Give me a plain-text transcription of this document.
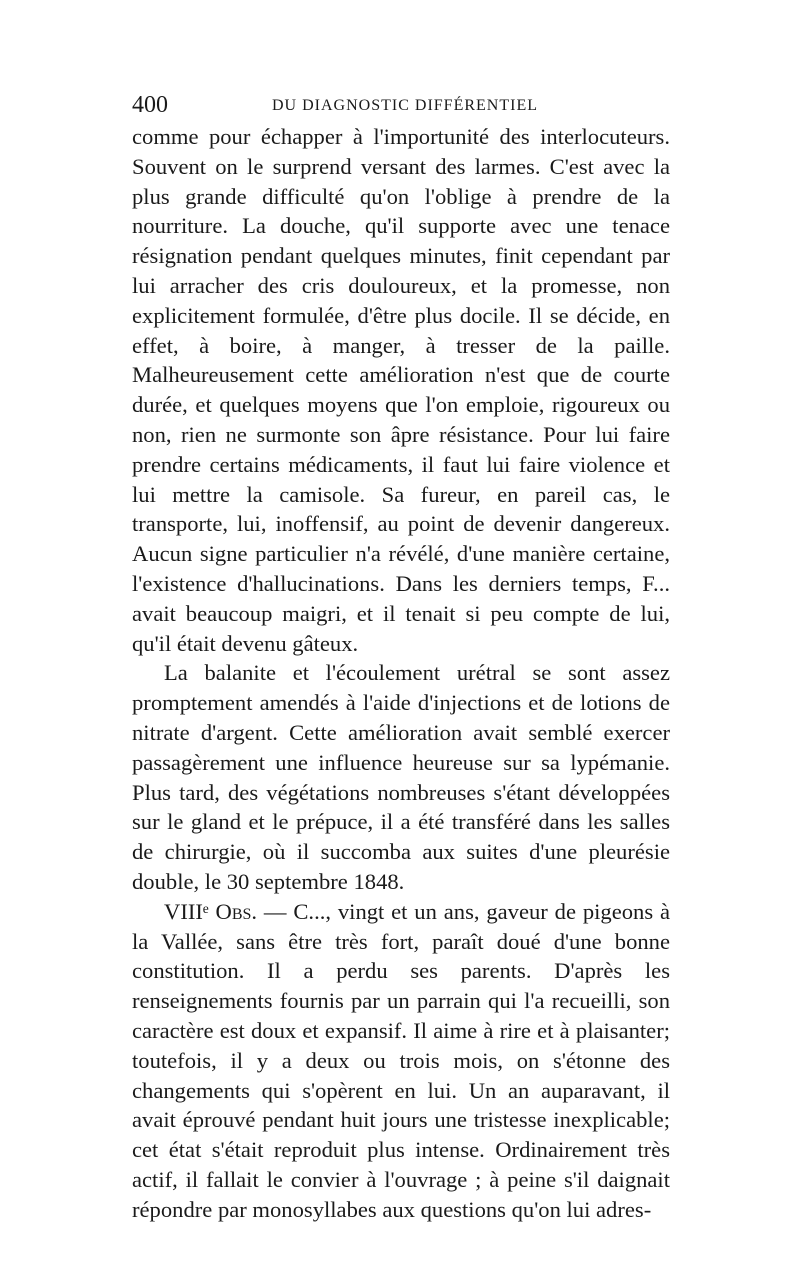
400	DU DIAGNOSTIC DIFFÉRENTIEL

comme pour échapper à l'importunité des interlocuteurs. Souvent on le surprend versant des larmes. C'est avec la plus grande difficulté qu'on l'oblige à prendre de la nourriture. La douche, qu'il supporte avec une tenace résignation pendant quelques minutes, finit cependant par lui arracher des cris douloureux, et la promesse, non explicitement formulée, d'être plus docile. Il se décide, en effet, à boire, à manger, à tresser de la paille. Malheureusement cette amélioration n'est que de courte durée, et quelques moyens que l'on emploie, rigoureux ou non, rien ne surmonte son âpre résistance. Pour lui faire prendre certains médicaments, il faut lui faire violence et lui mettre la camisole. Sa fureur, en pareil cas, le transporte, lui, inoffensif, au point de devenir dangereux. Aucun signe particulier n'a révélé, d'une manière certaine, l'existence d'hallucinations. Dans les derniers temps, F... avait beaucoup maigri, et il tenait si peu compte de lui, qu'il était devenu gâteux.

La balanite et l'écoulement urétral se sont assez promptement amendés à l'aide d'injections et de lotions de nitrate d'argent. Cette amélioration avait semblé exercer passagèrement une influence heureuse sur sa lypémanie. Plus tard, des végétations nombreuses s'étant développées sur le gland et le prépuce, il a été transféré dans les salles de chirurgie, où il succomba aux suites d'une pleurésie double, le 30 septembre 1848.

VIIIᵉ Obs. — C..., vingt et un ans, gaveur de pigeons à la Vallée, sans être très fort, paraît doué d'une bonne constitution. Il a perdu ses parents. D'après les renseignements fournis par un parrain qui l'a recueilli, son caractère est doux et expansif. Il aime à rire et à plaisanter; toutefois, il y a deux ou trois mois, on s'étonne des changements qui s'opèrent en lui. Un an auparavant, il avait éprouvé pendant huit jours une tristesse inexplicable; cet état s'était reproduit plus intense. Ordinairement très actif, il fallait le convier à l'ouvrage ; à peine s'il daignait répondre par monosyllabes aux questions qu'on lui adres-
